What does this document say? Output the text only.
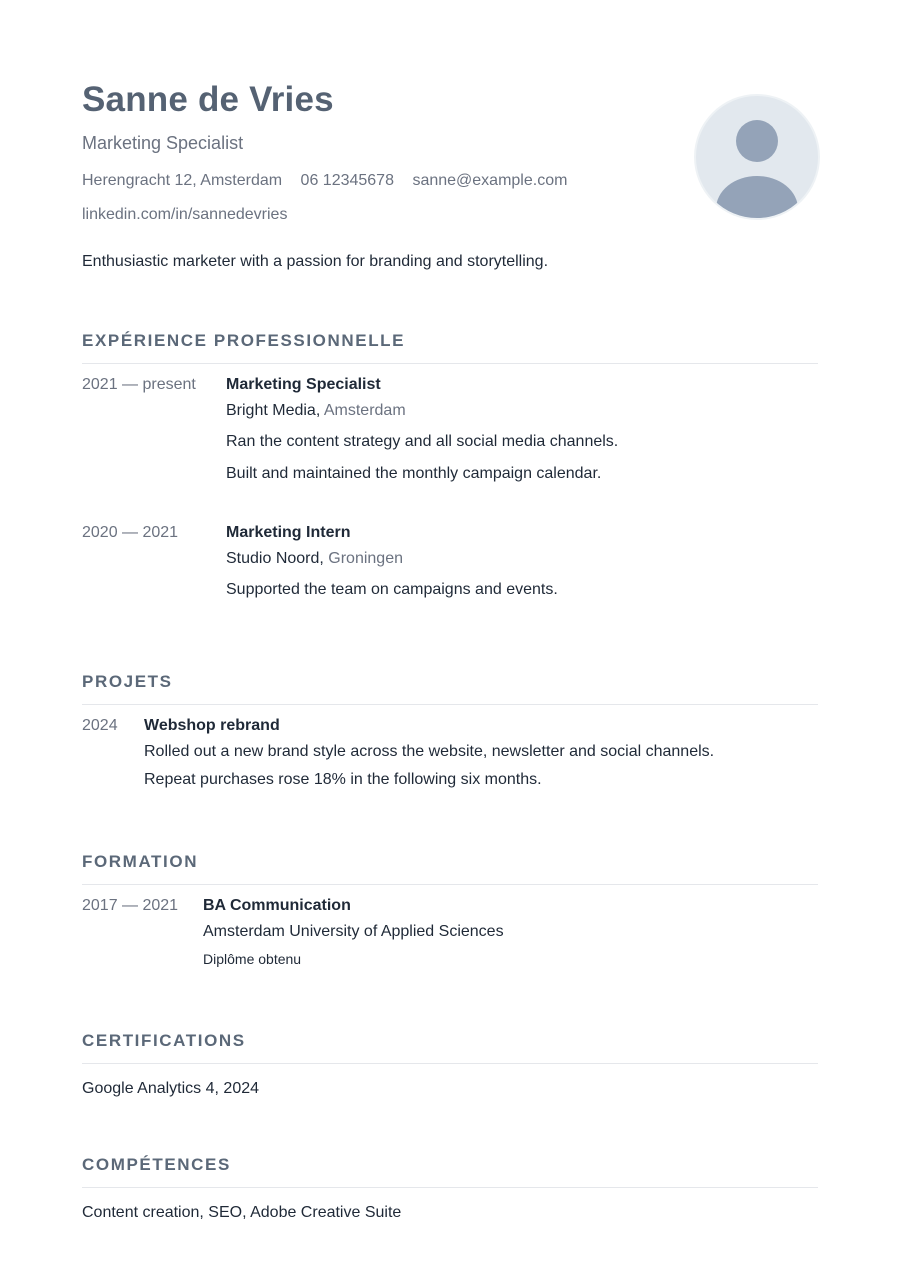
Sanne de Vries
Marketing Specialist
Herengracht 12, Amsterdam 06 12345678 sanne@example.com
linkedin.com/in/sannedevries
Enthusiastic marketer with a passion for branding and storytelling.
EXPÉRIENCE PROFESSIONNELLE
2021 — present Marketing Specialist
Bright Media, Amsterdam
Ran the content strategy and all social media channels.
Built and maintained the monthly campaign calendar.
2020 — 2021	Marketing Intern
Studio Noord, Groningen
Supported the team on campaigns and events.
PROJETS
2024 Webshop rebrand
Rolled out a new brand style across the website, newsletter and social channels.
Repeat purchases rose 18% in the following six months.
FORMATION
2017 — 2021 BA Communication
Amsterdam University of Applied Sciences
Diplôme obtenu
CERTIFICATIONS
Google Analytics 4, 2024
COMPÉTENCES
Content creation, SEO, Adobe Creative Suite
